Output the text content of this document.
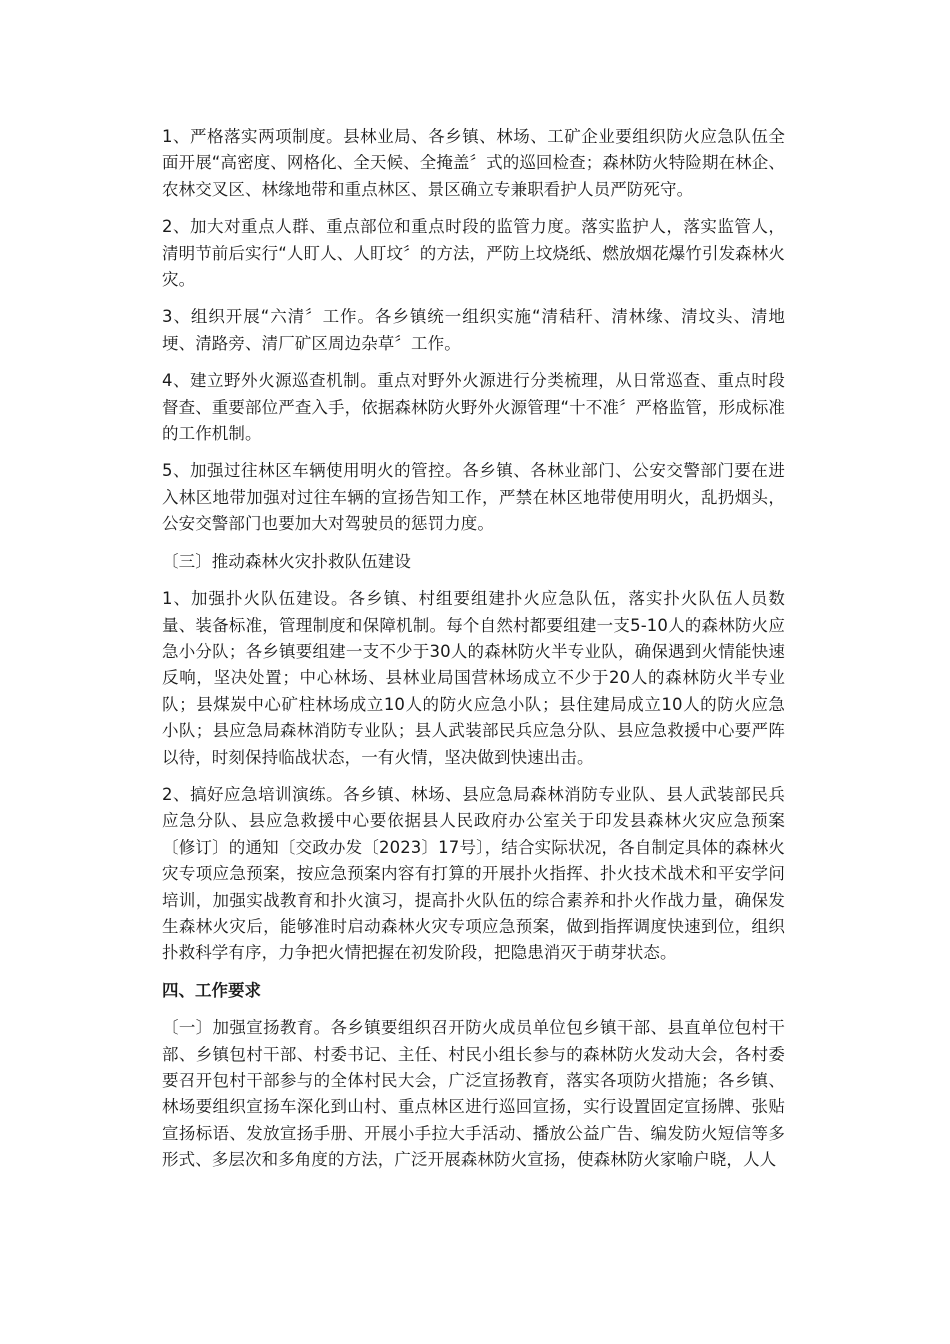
1、严格落实两项制度。县林业局、各乡镇、林场、工矿企业要组织防火应急队伍全面开展“高密度、网格化、全天候、全掩盖〞式的巡回检查；森林防火特险期在林企、农林交叉区、林缘地带和重点林区、景区确立专兼职看护人员严防死守。

2、加大对重点人群、重点部位和重点时段的监管力度。落实监护人，落实监管人，清明节前后实行“人盯人、人盯坟〞的方法，严防上坟烧纸、燃放烟花爆竹引发森林火灾。

3、组织开展“六清〞工作。各乡镇统一组织实施“清秸秆、清林缘、清坟头、清地埂、清路旁、清厂矿区周边杂草〞工作。

4、建立野外火源巡查机制。重点对野外火源进行分类梳理，从日常巡查、重点时段督查、重要部位严查入手，依据森林防火野外火源管理“十不准〞严格监管，形成标准的工作机制。

5、加强过往林区车辆使用明火的管控。各乡镇、各林业部门、公安交警部门要在进入林区地带加强对过往车辆的宣扬告知工作，严禁在林区地带使用明火，乱扔烟头，公安交警部门也要加大对驾驶员的惩罚力度。

〔三〕推动森林火灾扑救队伍建设

1、加强扑火队伍建设。各乡镇、村组要组建扑火应急队伍，落实扑火队伍人员数量、装备标准，管理制度和保障机制。每个自然村都要组建一支5-10人的森林防火应急小分队；各乡镇要组建一支不少于30人的森林防火半专业队，确保遇到火情能快速反响，坚决处置；中心林场、县林业局国营林场成立不少于20人的森林防火半专业队；县煤炭中心矿柱林场成立10人的防火应急小队；县住建局成立10人的防火应急小队；县应急局森林消防专业队；县人武装部民兵应急分队、县应急救援中心要严阵以待，时刻保持临战状态，一有火情，坚决做到快速出击。

2、搞好应急培训演练。各乡镇、林场、县应急局森林消防专业队、县人武装部民兵应急分队、县应急救援中心要依据县人民政府办公室关于印发县森林火灾应急预案〔修订〕的通知〔交政办发〔2023〕17号〕，结合实际状况，各自制定具体的森林火灾专项应急预案，按应急预案内容有打算的开展扑火指挥、扑火技术战术和平安学问培训，加强实战教育和扑火演习，提高扑火队伍的综合素养和扑火作战力量，确保发生森林火灾后，能够准时启动森林火灾专项应急预案，做到指挥调度快速到位，组织扑救科学有序，力争把火情把握在初发阶段，把隐患消灭于萌芽状态。

四、工作要求

〔一〕加强宣扬教育。各乡镇要组织召开防火成员单位包乡镇干部、县直单位包村干部、乡镇包村干部、村委书记、主任、村民小组长参与的森林防火发动大会，各村委要召开包村干部参与的全体村民大会，广泛宣扬教育，落实各项防火措施；各乡镇、林场要组织宣扬车深化到山村、重点林区进行巡回宣扬，实行设置固定宣扬牌、张贴宣扬标语、发放宣扬手册、开展小手拉大手活动、播放公益广告、编发防火短信等多形式、多层次和多角度的方法，广泛开展森林防火宣扬，使森林防火家喻户晓，人人
